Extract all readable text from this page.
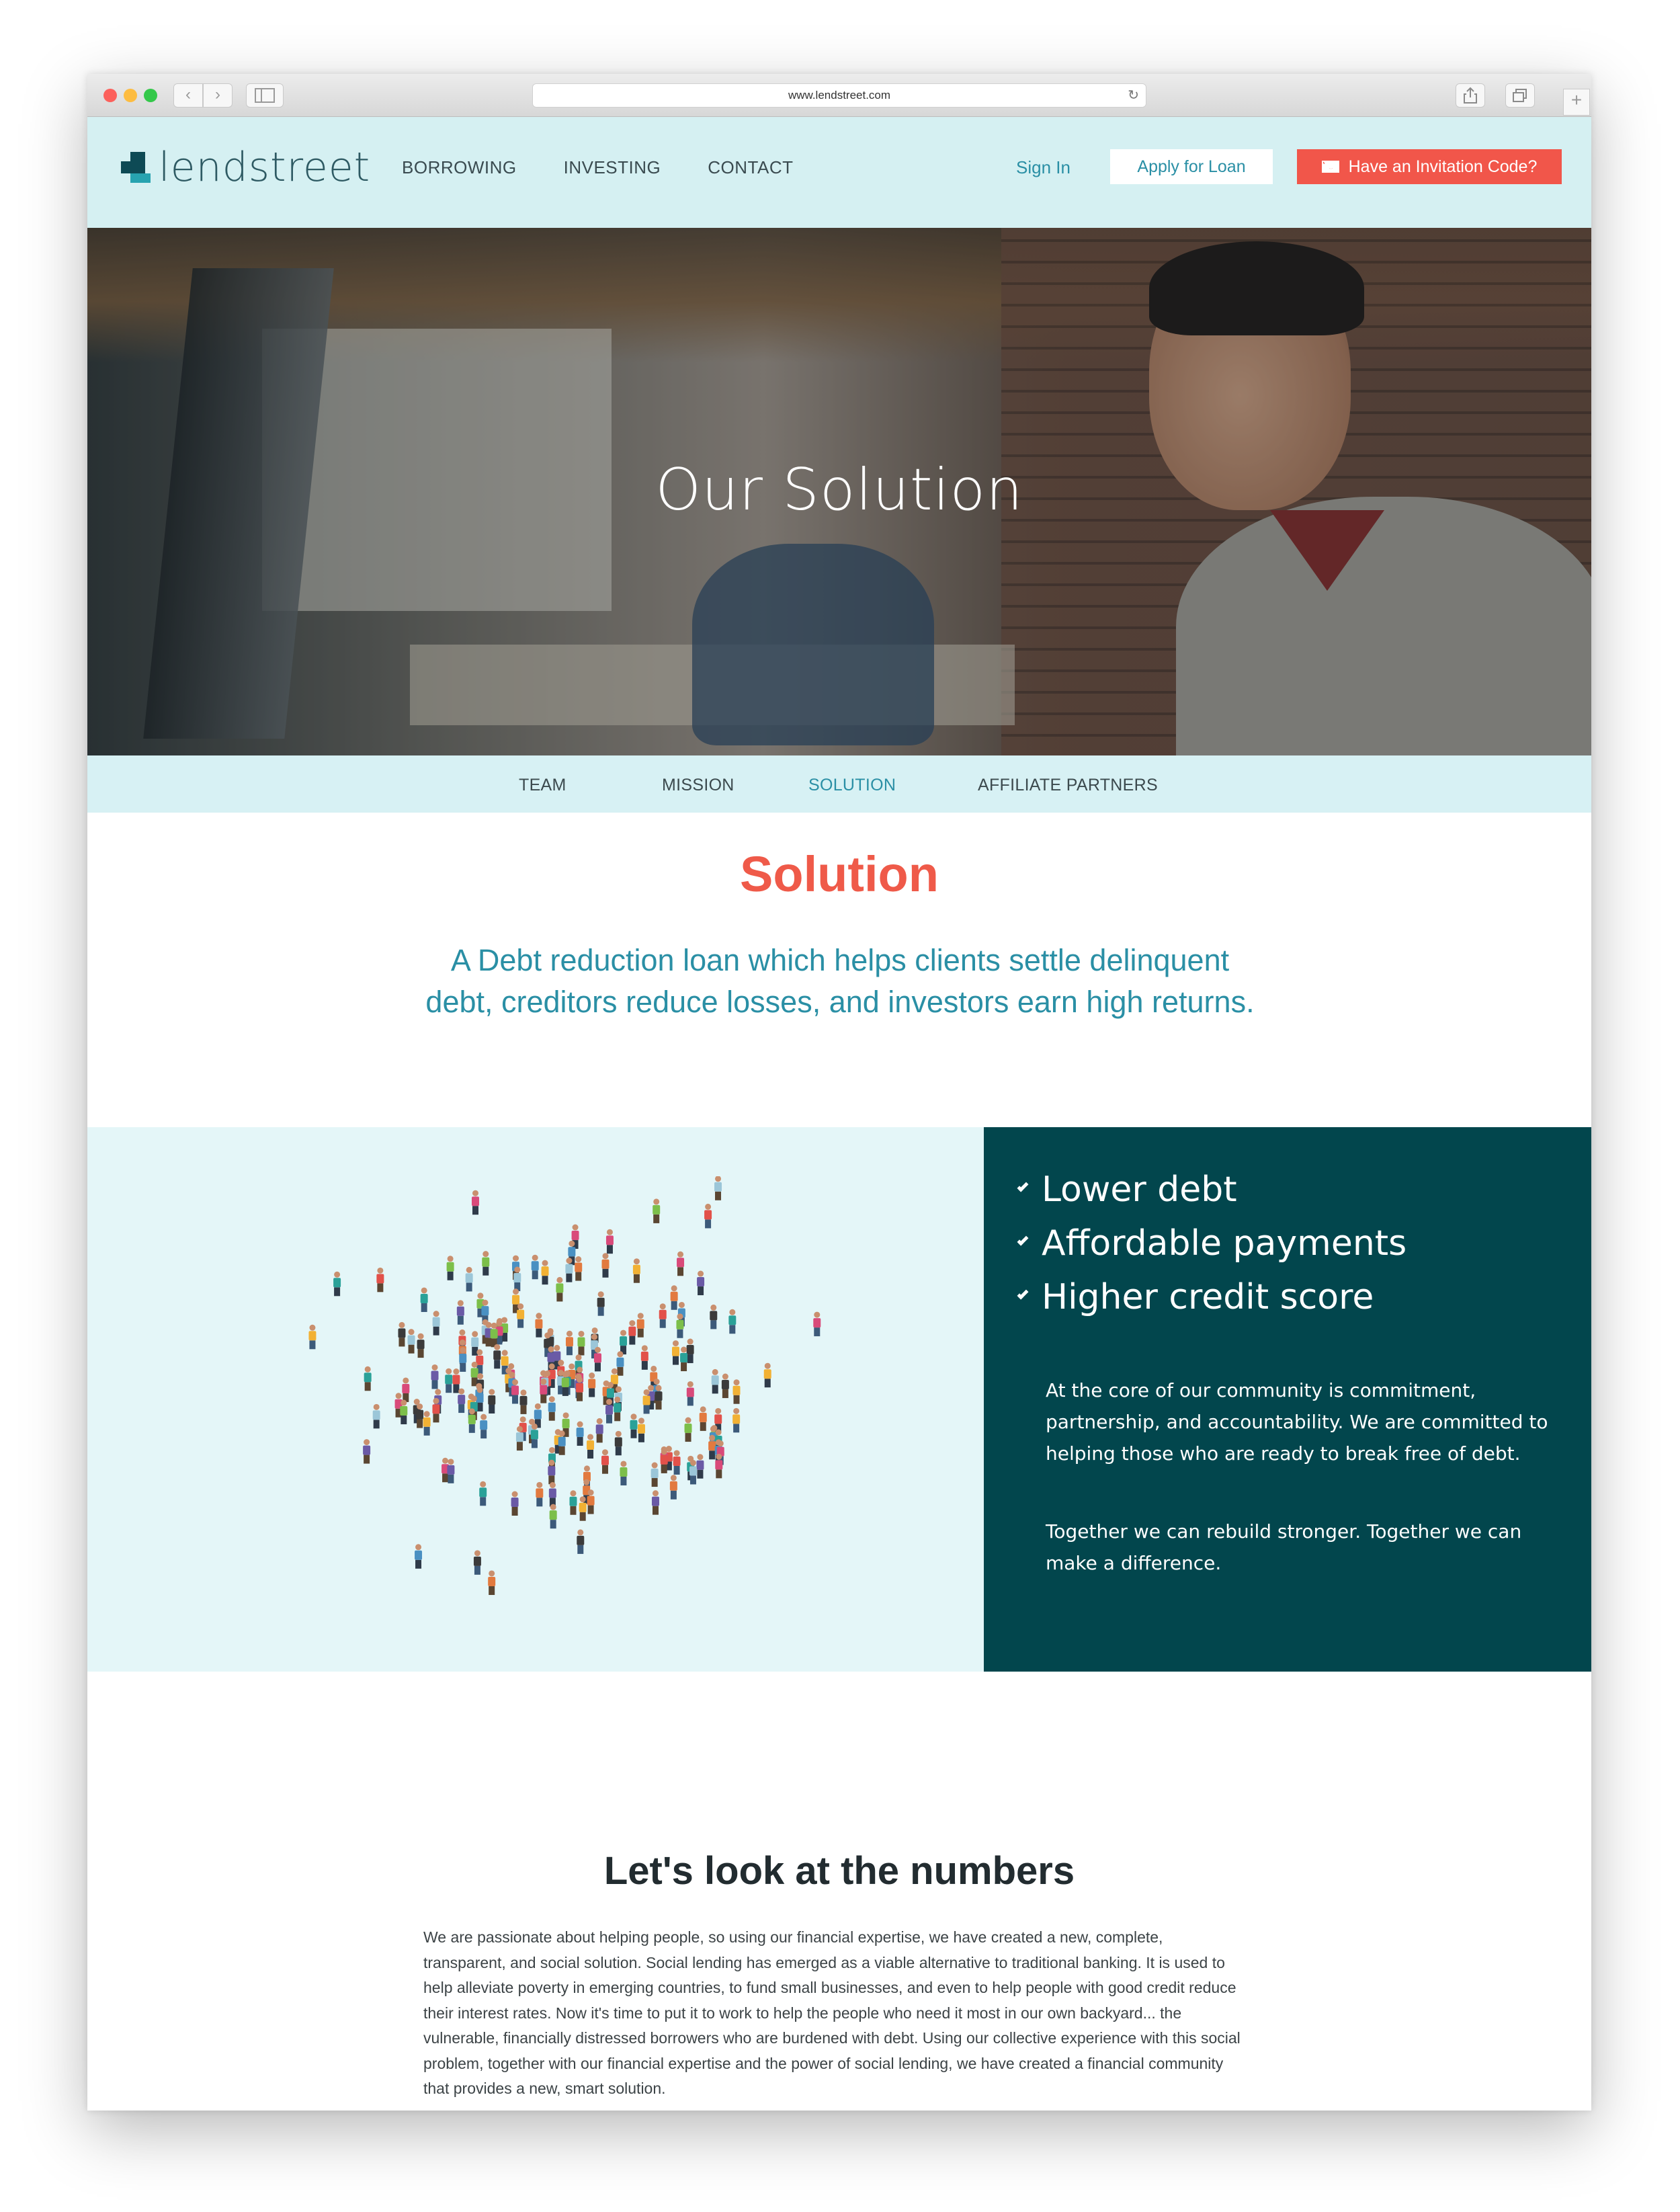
‹	›	www.lendstreet.com	↻	+
lendstreet BORROWING	INVESTING	CONTACT	Sign In	Apply for Loan	Have an Invitation Code?
Our Solution
TEAM	MISSION	SOLUTION	AFFILIATE PARTNERS
Solution

A Debt reduction loan which helps clients settle delinquent debt, creditors reduce losses, and investors earn high returns.

Lower debt
Affordable payments
Higher credit score

At the core of our community is commitment, partnership, and accountability. We are committed to helping those who are ready to break free of debt.

Together we can rebuild stronger. Together we can make a difference.

Let's look at the numbers

We are passionate about helping people, so using our financial expertise, we have created a new, complete, transparent, and social solution. Social lending has emerged as a viable alternative to traditional banking. It is used to help alleviate poverty in emerging countries, to fund small businesses, and even to help people with good credit reduce their interest rates. Now it's time to put it to work to help the people who need it most in our own backyard... the vulnerable, financially distressed borrowers who are burdened with debt. Using our collective experience with this social problem, together with our financial expertise and the power of social lending, we have created a financial community that provides a new, smart solution.
